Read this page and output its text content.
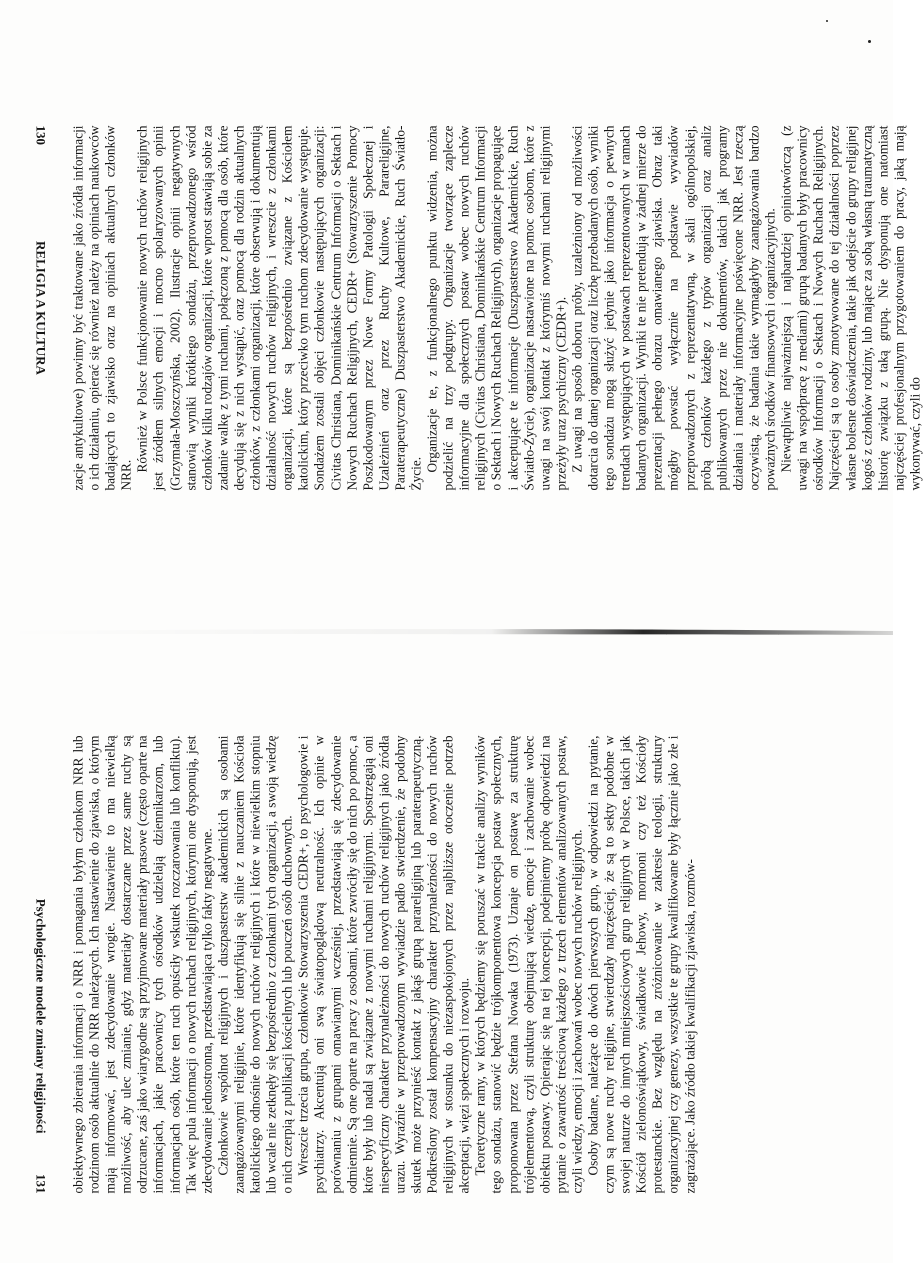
130
RELIGIA A KULTURA zacje antykultowe) powinny być traktowane jako źródła informacji o ich działaniu, opierać się również należy na opiniach naukowców badających to zjawisko oraz na opiniach aktualnych członków NRR.

Również w Polsce funkcjonowanie nowych ruchów religijnych jest źródłem silnych emocji i mocno spolaryzowanych opinii (Grzymała-Moszczyńska, 2002). Ilustracje opinii negatywnych stanowią wyniki krótkiego sondażu, przeprowadzonego wśród członków kilku rodzajów organizacji, które wprost stawiają sobie za zadanie walkę z tymi ruchami, połączoną z pomocą dla osób, które decydują się z nich wystąpić, oraz pomocą dla rodzin aktualnych członków, z członkami organizacji, które obserwują i dokumentują działalność nowych ruchów religijnych, i wreszcie z członkami organizacji, które są bezpośrednio związane z Kościołem katolickim, który przeciwko tym ruchom zdecydowanie występuje. Sondażem zostali objęci członkowie następujących organizacji: Civitas Christiana, Dominikańskie Centrum Informacji o Sektach i Nowych Ruchach Religijnych, CEDR+ (Stowarzyszenie Pomocy Poszkodowanym przez Nowe Formy Patologii Społecznej i Uzależnień oraz przez Ruchy Kultowe, Parareligijne, Paraterapeutyczne) Duszpasterstwo Akademickie, Ruch Światło-Życie.

Organizacje te, z funkcjonalnego punktu widzenia, można podzielić na trzy podgrupy. Organizacje tworzące zaplecze informacyjne dla społecznych postaw wobec nowych ruchów religijnych (Civitas Christiana, Dominikańskie Centrum Informacji o Sektach i Nowych Ruchach Religijnych), organizacje propagujące i akceptujące te informacje (Duszpasterstwo Akademickie, Ruch Światło-Życie), organizacje nastawione na pomoc osobom, które z uwagi na swój kontakt z którymiś nowymi ruchami religijnymi przeżyły uraz psychiczny (CEDR+). Z uwagi na sposób doboru próby, uzależniony od możliwości dotarcia do danej organizacji oraz liczbę przebadanych osób, wyniki tego sondażu mogą służyć jedynie jako informacja o pewnych trendach występujących w postawach reprezentowanych w ramach badanych organizacji. Wyniki te nie pretendują w żadnej mierze do prezentacji pełnego obrazu omawianego zjawiska. Obraz taki mógłby powstać wyłącznie na podstawie wywiadów przeprowadzonych z reprezentatywną, w skali ogólnopolskiej, próbą członków każdego z typów organizacji oraz analiz publikowanych przez nie dokumentów, takich jak programy działania i materiały informacyjne poświęcone NRR. Jest rzeczą oczywistą, że badania takie wymagałyby zaangażowania bardzo poważnych środków finansowych i organizacyjnych. Niewątpliwie najważniejszą i najbardziej opiniotwórczą (z uwagi na współpracę z mediami) grupą badanych były pracownicy ośrodków Informacji o Sektach i Nowych Ruchach Religijnych. Najczęściej są to osoby zmotywowane do tej działalności poprzez własne bolesne doświadczenia, takie jak odejście do grupy religijnej kogoś z członków rodziny, lub mające za sobą własną traumatyczną historię związku z taką grupą. Nie dysponują one natomiast najczęściej profesjonalnym przygotowaniem do pracy, jaką mają wykonywać, czyli do

Psychologiczne modele zmiany religijności
131 obiektywnego zbierania informacji o NRR i pomagania byłym członkom NRR lub rodzinom osób aktualnie do NRR należących. Ich nastawienie do zjawiska, o którym mają informować, jest zdecydowanie wrogie. Nastawienie to ma niewielką możliwość, aby ulec zmianie, gdyż materiały dostarczane przez same ruchy są odrzucane, zaś jako wiarygodne są przyjmowane materiały prasowe (często oparte na informacjach, jakie pracownicy tych ośrodków udzielają dziennikarzom, lub informacjach osób, które ten ruch opuściły wskutek rozczarowania lub konfliktu). Tak więc pula informacji o nowych ruchach religijnych, którymi one dysponują, jest zdecydowanie jednostronna, przedstawiająca tylko fakty negatywne. Członkowie wspólnot religijnych i duszpasterstw akademickich są osobami zaangażowanymi religijnie, które identyfikują się silnie z nauczaniem Kościoła katolickiego odnośnie do nowych ruchów religijnych i które w niewielkim stopniu lub wcale nie zetknęły się bezpośrednio z członkami tych organizacji, a swoją wiedzę o nich czerpią z publikacji kościelnych lub pouczeń osób duchownych. Wreszcie trzecia grupa, członkowie Stowarzyszenia CEDR+, to psychologowie i psychiatrzy. Akcentują oni swą światopoglądową neutralność. Ich opinie w porównaniu z grupami omawianymi wcześniej, przedstawiają się zdecydowanie odmiennie. Są one oparte na pracy z osobami, które zwróciły się do nich po pomoc, a które były lub nadal są związane z nowymi ruchami religijnymi. Spostrzegają oni niespecyficzny charakter przynależności do nowych ruchów religijnych jako źródła urazu. Wyraźnie w przeprowadzonym wywiadzie padło stwierdzenie, że podobny skutek może przynieść kontakt z jakąś grupą parareligijną lub paraterapeutyczną. Podkreślony został kompensacyjny charakter przynależności do nowych ruchów religijnych w stosunku do niezaspokojonych przez najbliższe otoczenie potrzeb akceptacji, więzi społecznych i rozwoju. Teoretyczne ramy, w których będziemy się poruszać w trakcie analizy wyników tego sondażu, stanowić będzie trójkomponentowa koncepcja postaw społecznych, proponowana przez Stefana Nowaka (1973). Uznaje on postawę za strukturę trójelementową, czyli strukturę obejmującą wiedzę, emocje i zachowanie wobec obiektu postawy. Opierając się na tej koncepcji, podejmiemy próbę odpowiedzi na pytanie o zawartość treściową każdego z trzech elementów analizowanych postaw, czyli wiedzy, emocji i zachowań wobec nowych ruchów religijnych. Osoby badane, należące do dwóch pierwszych grup, w odpowiedzi na pytanie, czym są nowe ruchy religijne, stwierdzały najczęściej, że są to sekty podobne w swojej naturze do innych mniejszościowych grup religijnych w Polsce, takich jak Kościół zielonoświątkowy, świadkowie Jehowy, mormoni czy też Kościoły protestanckie. Bez względu na zróżnicowanie w zakresie teologii, struktury organizacyjnej czy genezy, wszystkie te grupy kwalifikowane były łącznie jako złe i zagrażające. Jako źródło takiej kwalifikacji zjawiska, rozmów-
